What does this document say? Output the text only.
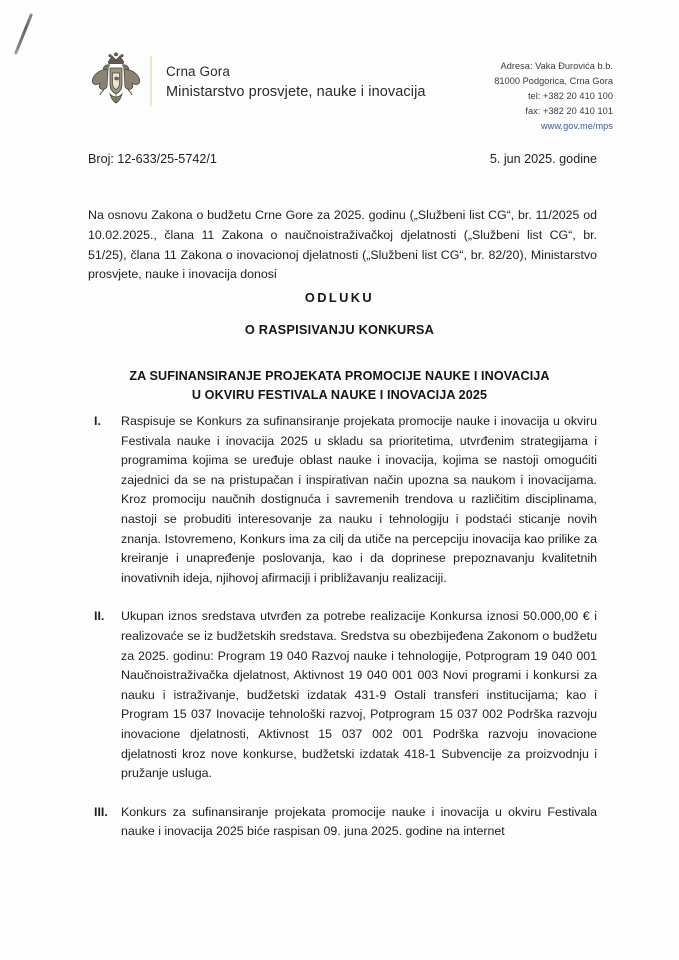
Crna Gora
Ministarstvo prosvjete, nauke i inovacija
Adresa: Vaka Đurovića b.b.
81000 Podgorica, Crna Gora
tel: +382 20 410 100
fax: +382 20 410 101
www.gov.me/mps
Broj: 12-633/25-5742/1	5. jun 2025. godine

Na osnovu Zakona o budžetu Crne Gore za 2025. godinu („Službeni list CG“, br. 11/2025 od 10.02.2025., člana 11 Zakona o naučnoistraživačkoj djelatnosti („Službeni list CG“, br. 51/25), člana 11 Zakona o inovacionoj djelatnosti („Službeni list CG“, br. 82/20), Ministarstvo prosvjete, nauke i inovacija donosi

ODLUKU
O RASPISIVANJU KONKURSA
ZA SUFINANSIRANJE PROJEKATA PROMOCIJE NAUKE I INOVACIJA
U OKVIRU FESTIVALA NAUKE I INOVACIJA 2025
I.	Raspisuje se Konkurs za sufinansiranje projekata promocije nauke i inovacija u okviru Festivala nauke i inovacija 2025 u skladu sa prioritetima, utvrđenim strategijama i programima kojima se uređuje oblast nauke i inovacija, kojima se nastoji omogućiti zajednici da se na pristupačan i inspirativan način upozna sa naukom i inovacijama. Kroz promociju naučnih dostignuća i savremenih trendova u različitim disciplinama, nastoji se probuditi interesovanje za nauku i tehnologiju i podstaći sticanje novih znanja. Istovremeno, Konkurs ima za cilj da utiče na percepciju inovacija kao prilike za kreiranje i unapređenje poslovanja, kao i da doprinese prepoznavanju kvalitetnih inovativnih ideja, njihovoj afirmaciji i približavanju realizaciji.
II.	Ukupan iznos sredstava utvrđen za potrebe realizacije Konkursa iznosi 50.000,00 € i realizovaće se iz budžetskih sredstava. Sredstva su obezbijeđena Zakonom o budžetu za 2025. godinu: Program 19 040 Razvoj nauke i tehnologije, Potprogram 19 040 001 Naučnoistraživačka djelatnost, Aktivnost 19 040 001 003 Novi programi i konkursi za nauku i istraživanje, budžetski izdatak 431-9 Ostali transferi institucijama; kao i Program 15 037 Inovacije tehnološki razvoj, Potprogram 15 037 002 Podrška razvoju inovacione djelatnosti, Aktivnost 15 037 002 001 Podrška razvoju inovacione djelatnosti kroz nove konkurse, budžetski izdatak 418-1 Subvencije za proizvodnju i pružanje usluga.
III.	Konkurs za sufinansiranje projekata promocije nauke i inovacija u okviru Festivala nauke i inovacija 2025 biće raspisan 09. juna 2025. godine na internet
